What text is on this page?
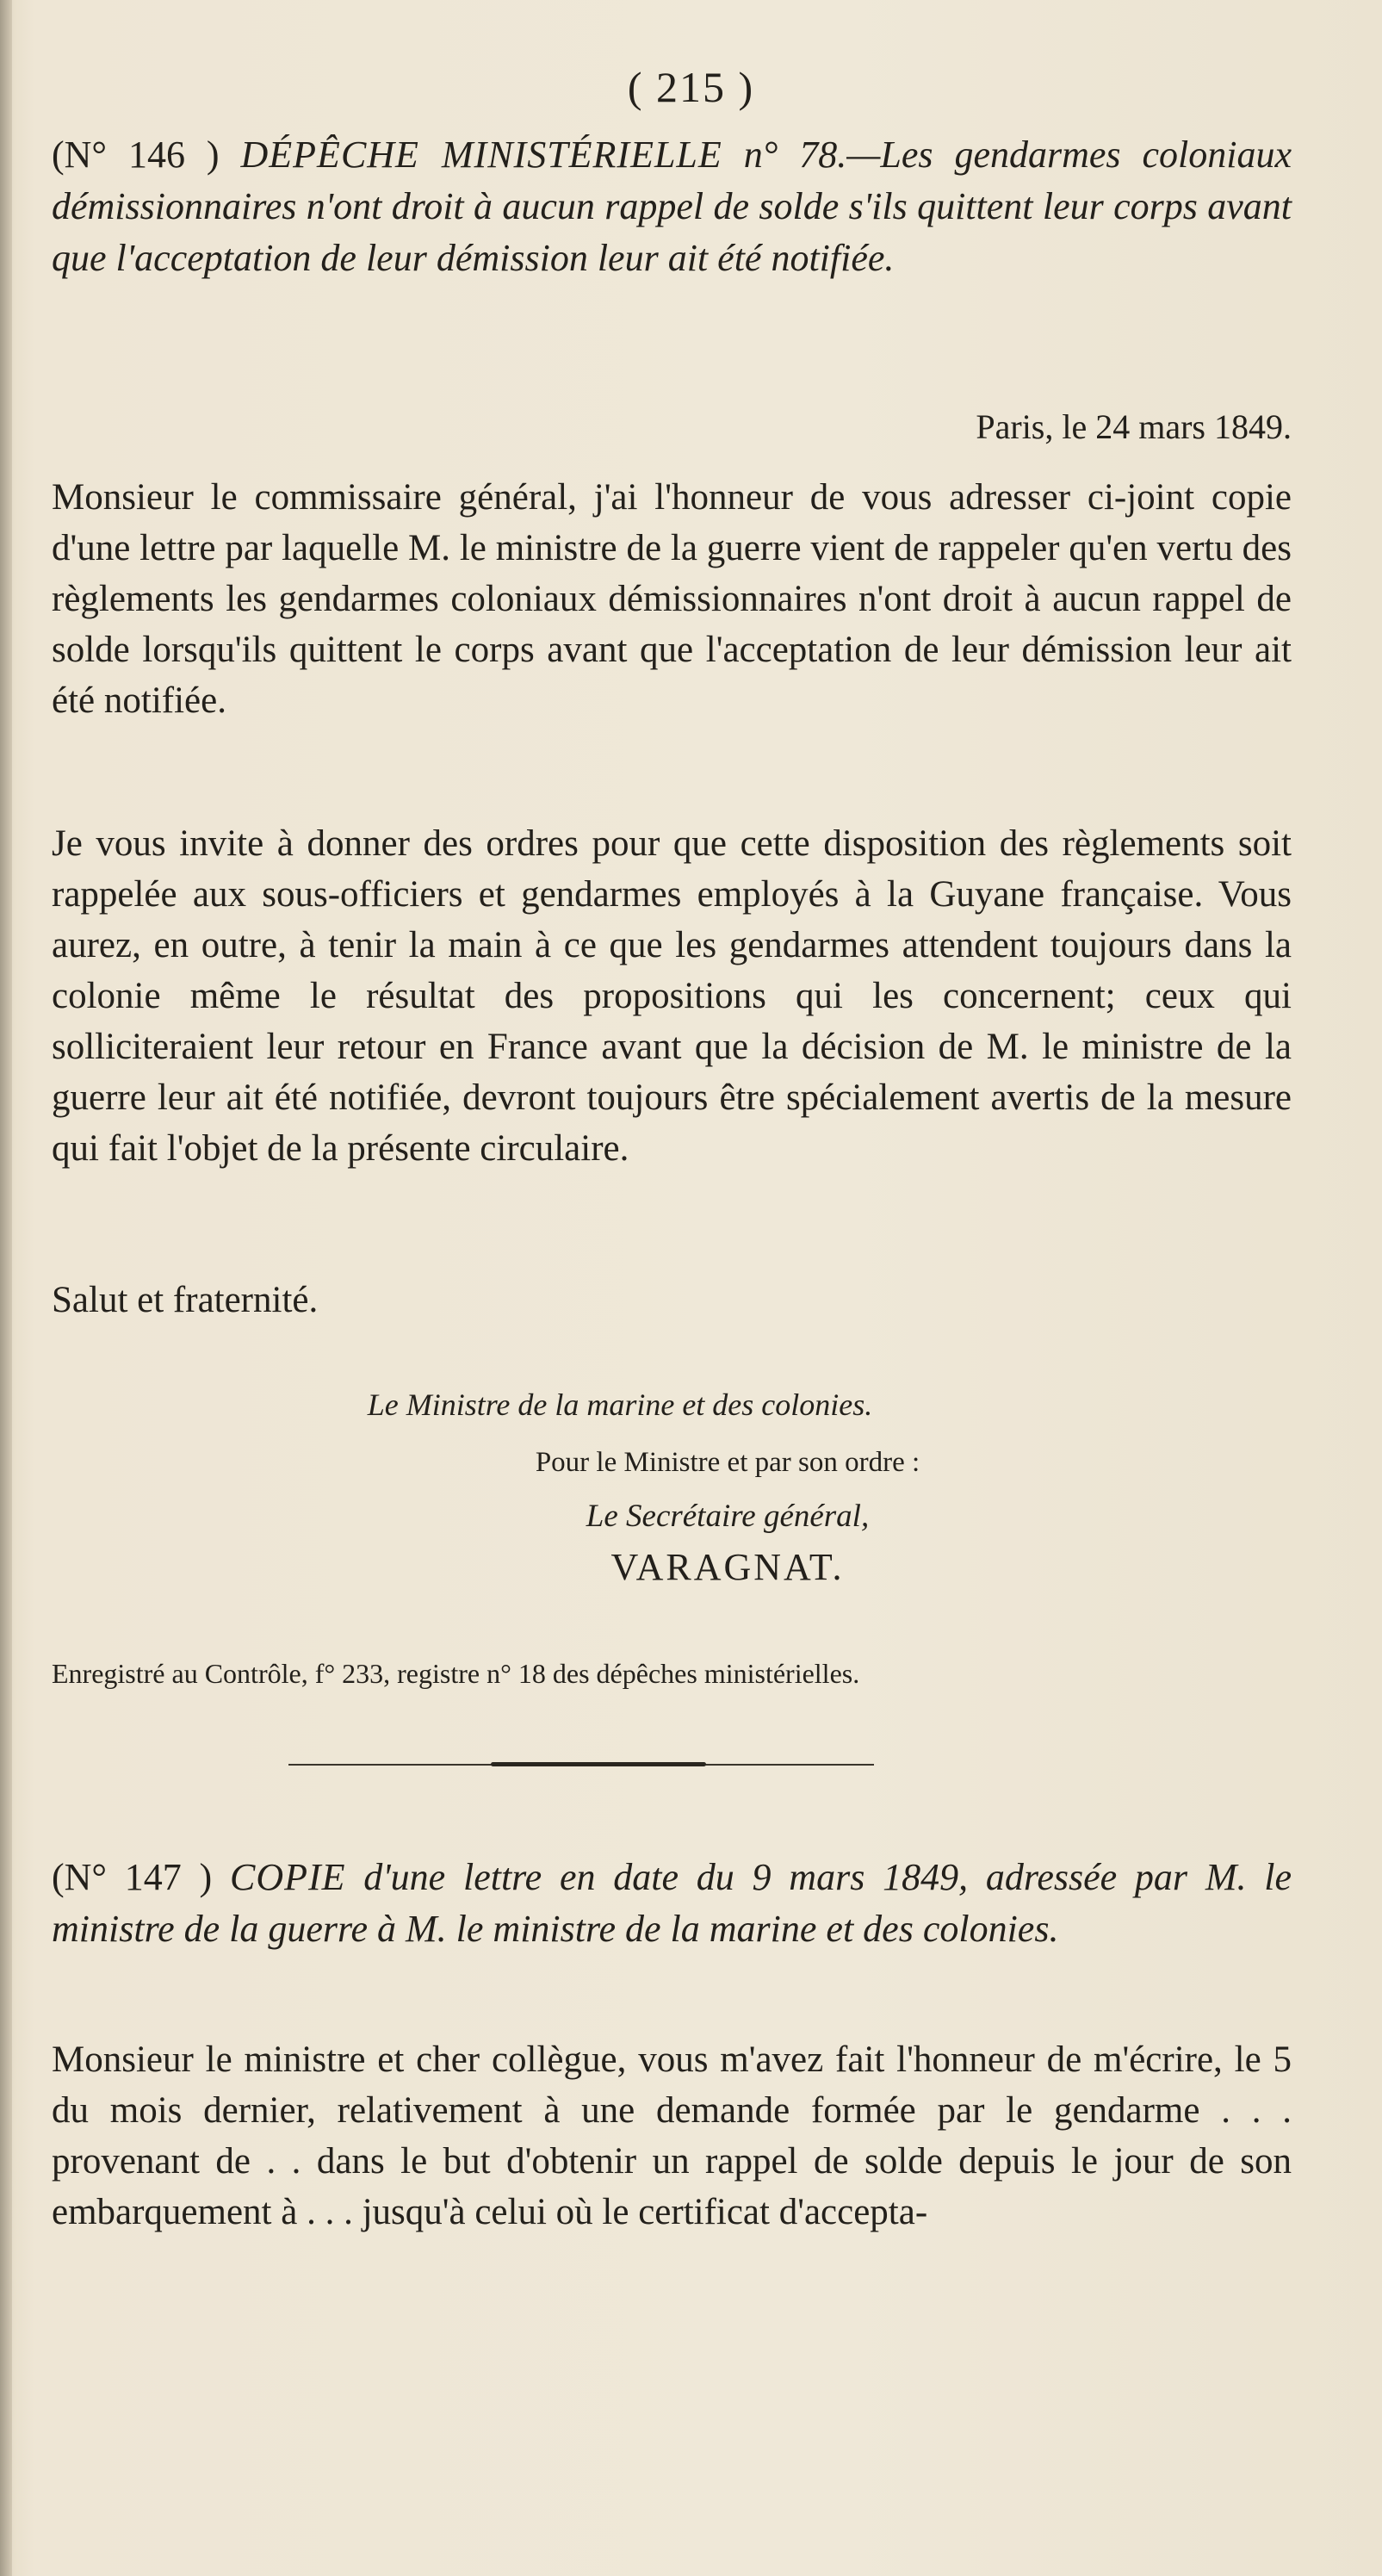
( 215 )
(N° 146 ) DÉPÊCHE MINISTÉRIELLE n° 78.—Les gendarmes coloniaux démissionnaires n'ont droit à aucun rappel de solde s'ils quittent leur corps avant que l'acceptation de leur démission leur ait été notifiée.
Paris, le 24 mars 1849.
Monsieur le commissaire général, j'ai l'honneur de vous adresser ci-joint copie d'une lettre par laquelle M. le ministre de la guerre vient de rappeler qu'en vertu des règlements les gendarmes coloniaux démissionnaires n'ont droit à aucun rappel de solde lorsqu'ils quittent le corps avant que l'acceptation de leur démission leur ait été notifiée.
Je vous invite à donner des ordres pour que cette disposition des règlements soit rappelée aux sous-officiers et gendarmes employés à la Guyane française. Vous aurez, en outre, à tenir la main à ce que les gendarmes attendent toujours dans la colonie même le résultat des propositions qui les concernent; ceux qui solliciteraient leur retour en France avant que la décision de M. le ministre de la guerre leur ait été notifiée, devront toujours être spécialement avertis de la mesure qui fait l'objet de la présente circulaire.
Salut et fraternité.
Le Ministre de la marine et des colonies.
Pour le Ministre et par son ordre :
Le Secrétaire général,
VARAGNAT.
Enregistré au Contrôle, f° 233, registre n° 18 des dépêches ministérielles.
(N° 147 ) COPIE d'une lettre en date du 9 mars 1849, adressée par M. le ministre de la guerre à M. le ministre de la marine et des colonies.
Monsieur le ministre et cher collègue, vous m'avez fait l'honneur de m'écrire, le 5 du mois dernier, relativement à une demande formée par le gendarme . . . provenant de . . dans le but d'obtenir un rappel de solde depuis le jour de son embarquement à . . . jusqu'à celui où le certificat d'accepta-
